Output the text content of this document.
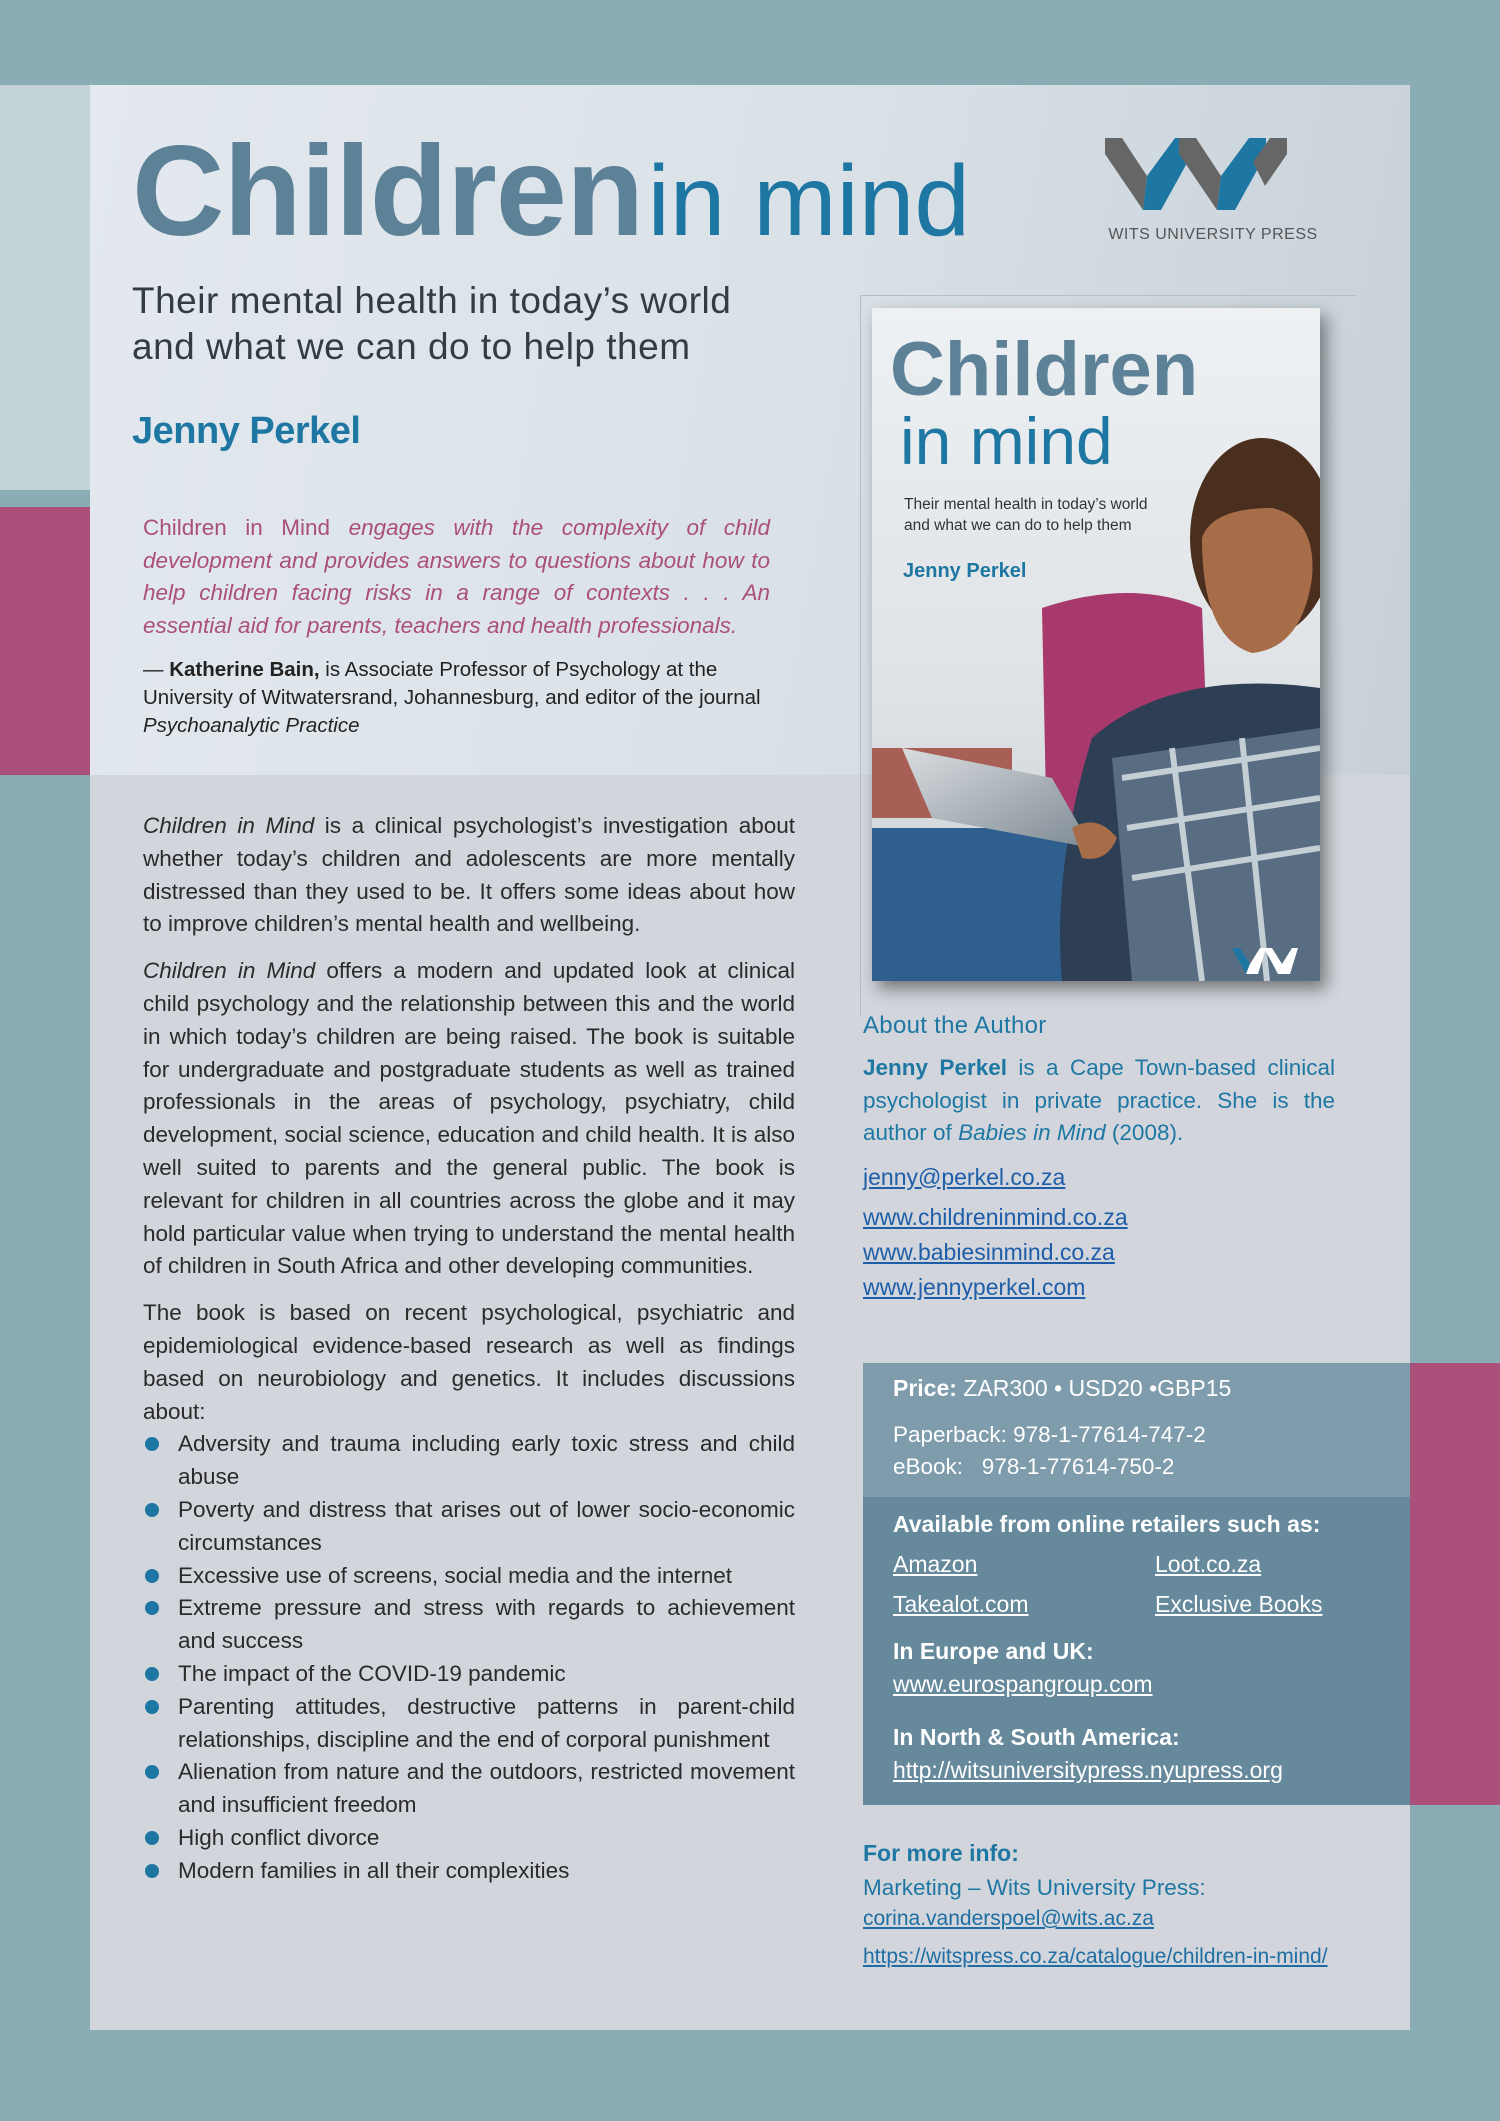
Children in mind	WITS UNIVERSITY PRESS
Their mental health in today’s world
and what we can do to help them
Jenny Perkel
Children in Mind engages with the complexity of child development and provides answers to questions about how to help children facing risks in a range of contexts . . . An essential aid for parents, teachers and health professionals.
— Katherine Bain, is Associate Professor of Psychology at the University of Witwatersrand, Johannesburg, and editor of the journal Psychoanalytic Practice

Children in Mind is a clinical psychologist’s investigation about whether today’s children and adolescents are more mentally distressed than they used to be. It offers some ideas about how to improve children’s mental health and wellbeing.

Children in Mind offers a modern and updated look at clinical child psychology and the relationship between this and the world in which today’s children are being raised. The book is suitable for undergraduate and postgraduate students as well as trained professionals in the areas of psychology, psychiatry, child development, social science, education and child health. It is also well suited to parents and the general public. The book is relevant for children in all countries across the globe and it may hold particular value when trying to understand the mental health of children in South Africa and other developing communities.

The book is based on recent psychological, psychiatric and epidemiological evidence-based research as well as findings based on neurobiology and genetics. It includes discussions about:

Adversity and trauma including early toxic stress and child abuse
Poverty and distress that arises out of lower socio-economic circumstances
Excessive use of screens, social media and the internet
Extreme pressure and stress with regards to achievement and success
The impact of the COVID-19 pandemic
Parenting attitudes, destructive patterns in parent-child relationships, discipline and the end of corporal punishment
Alienation from nature and the outdoors, restricted movement and insufficient freedom
High conflict divorce
Modern families in all their complexities
Children
in mind
Their mental health in today’s world
and what we can do to help them
Jenny Perkel
About the Author
Jenny Perkel is a Cape Town-based clinical psychologist in private practice. She is the author of Babies in Mind (2008).
jenny@perkel.co.za
www.childreninmind.co.za
www.babiesinmind.co.za
www.jennyperkel.com
Price: ZAR300 • USD20 •GBP15
Paperback: 978-1-77614-747-2
eBook:   978-1-77614-750-2
Available from online retailers such as:
Amazon	Loot.co.za
Takealot.com	Exclusive Books
In Europe and UK:
www.eurospangroup.com
In North & South America:
http://witsuniversitypress.nyupress.org
For more info:
Marketing – Wits University Press:
corina.vanderspoel@wits.ac.za
https://witspress.co.za/catalogue/children-in-mind/
